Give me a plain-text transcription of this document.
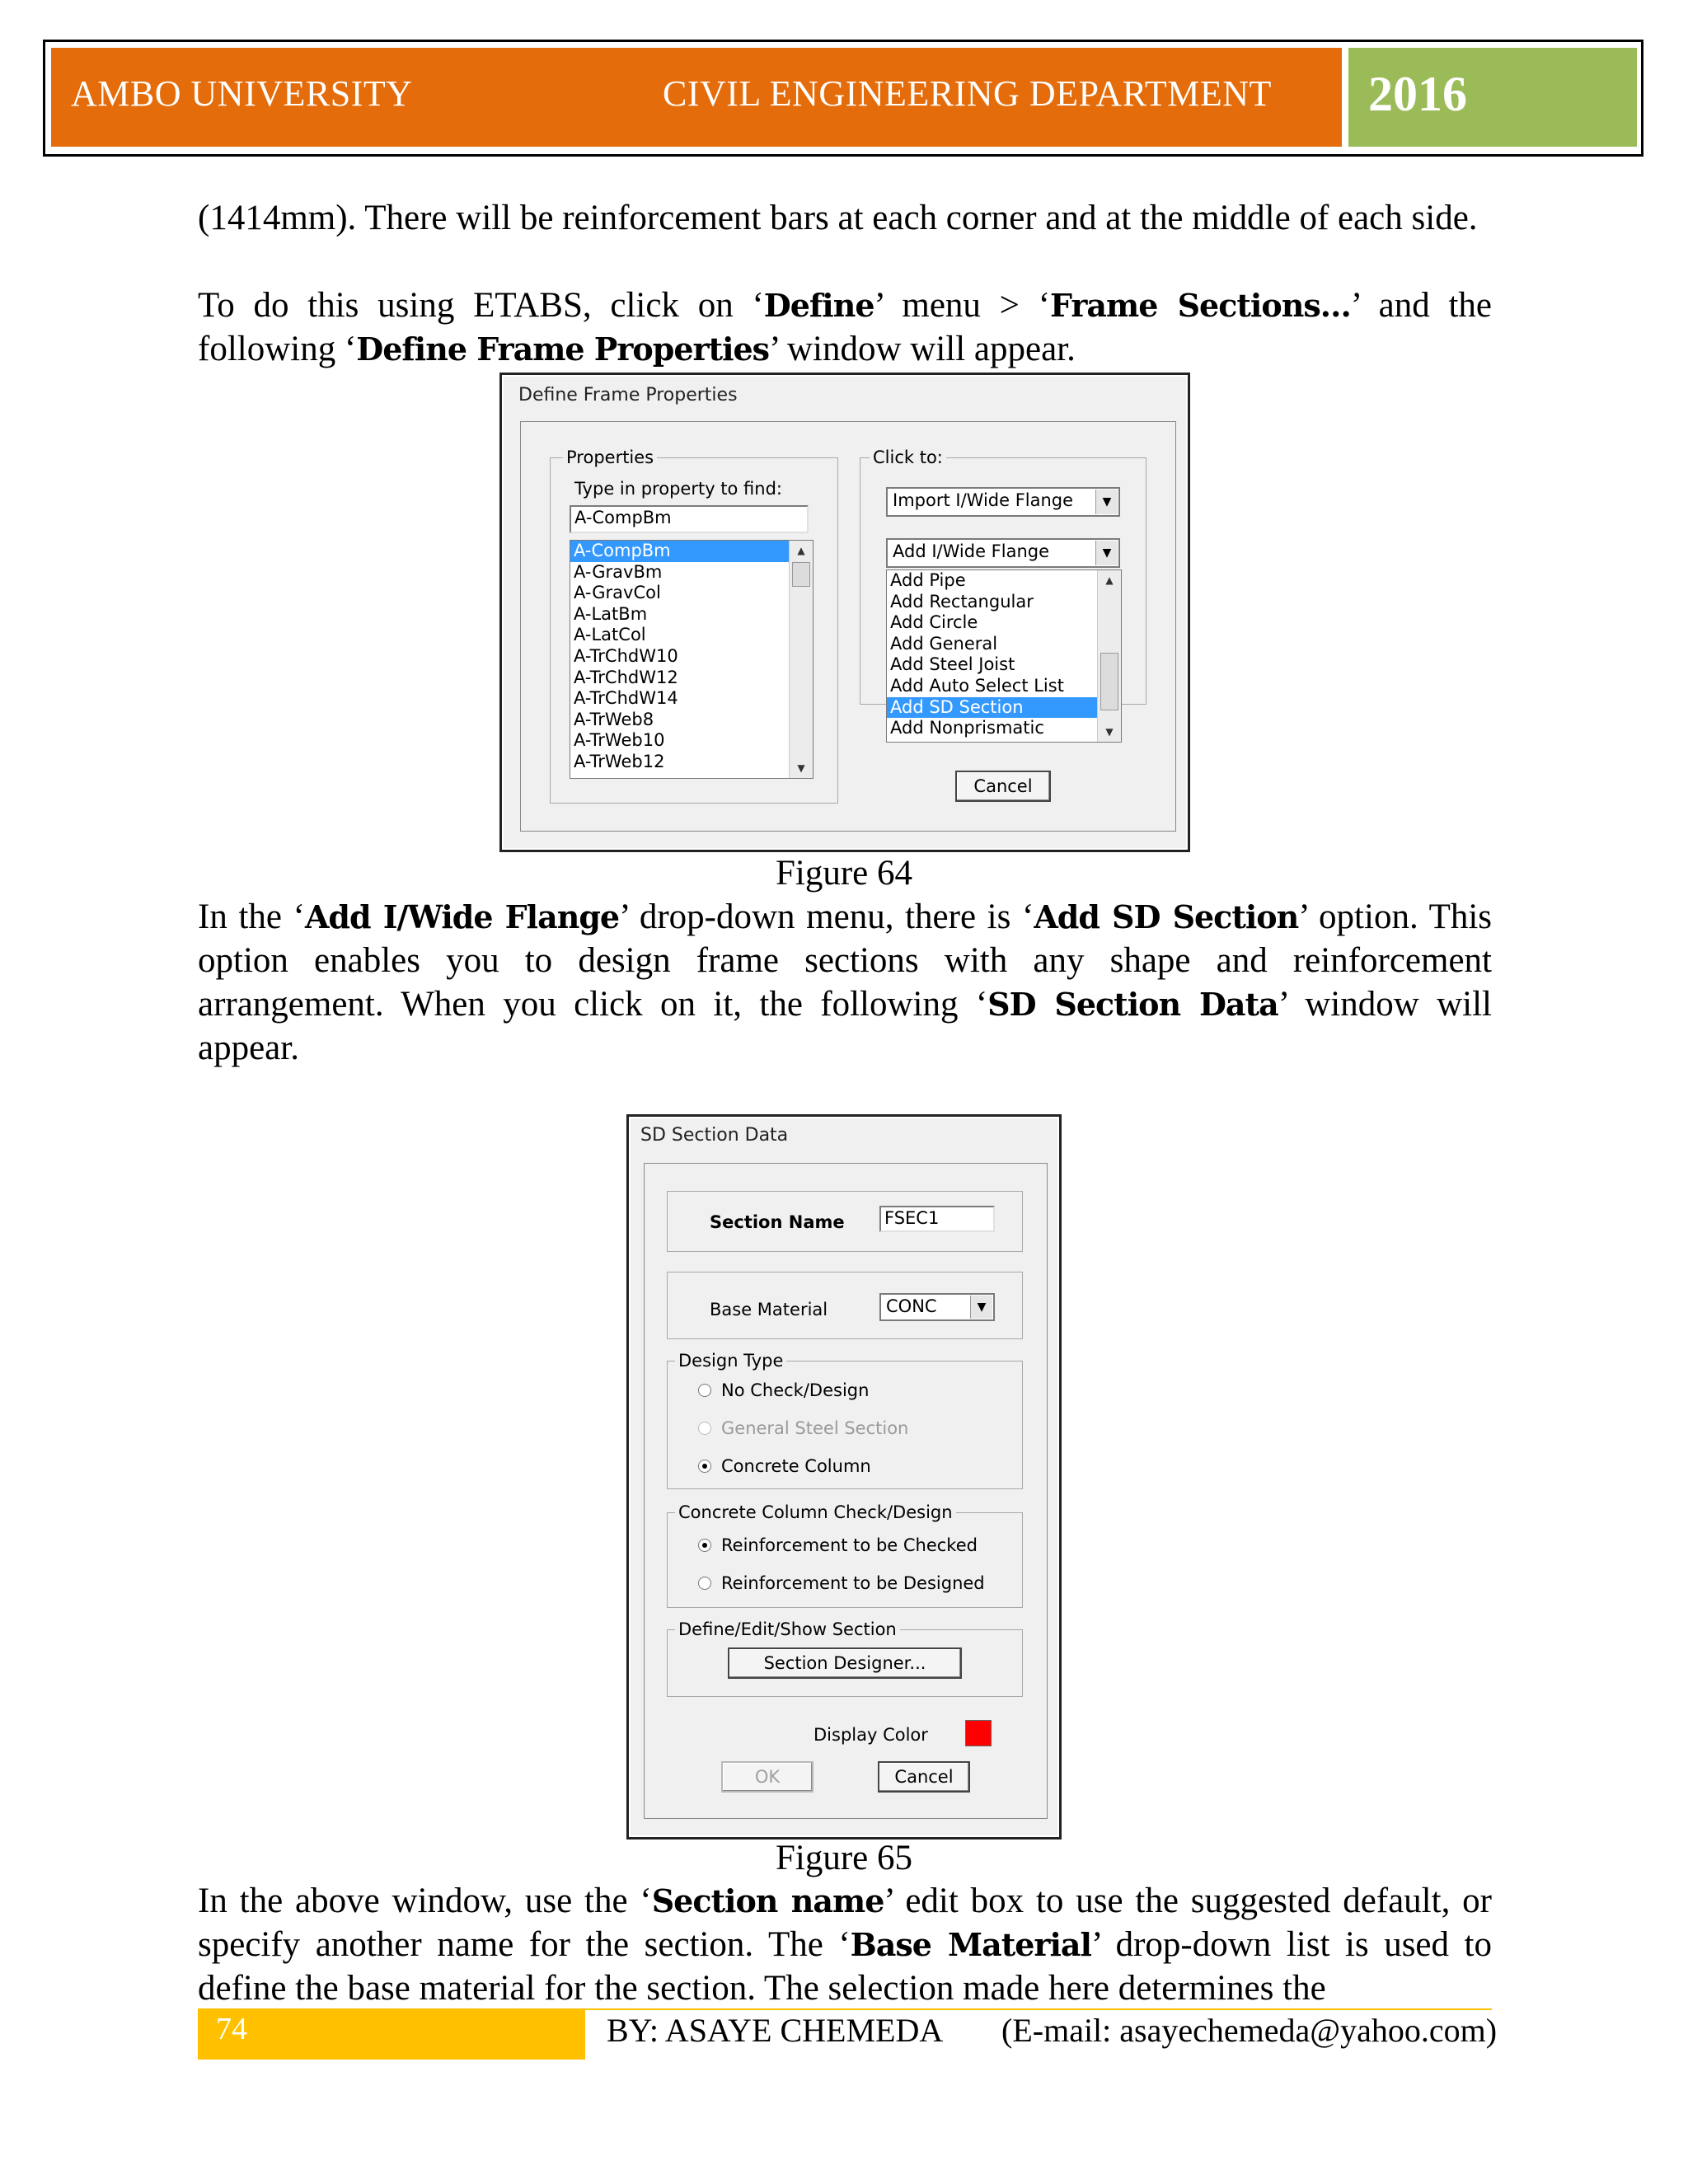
AMBO UNIVERSITY	CIVIL ENGINEERING DEPARTMENT 2016
(1414mm). There will be reinforcement bars at each corner and at the middle of each side.
To do this using ETABS, click on ‘Define’ menu > ‘Frame Sections…’ and the following ‘Define Frame Properties’ window will appear.
Define Frame Properties
Properties
Type in property to find:
A-CompBm
A-CompBm
A-GravBm
A-GravCol
A-LatBm
A-LatCol
A-TrChdW10
A-TrChdW12
A-TrChdW14
A-TrWeb8
A-TrWeb10
A-TrWeb12
▲
▼
Click to:
Import I/Wide Flange	▼
Add I/Wide Flange	▼
Add Pipe
Add Rectangular
Add Circle
Add General
Add Steel Joist
Add Auto Select List
Add SD Section
Add Nonprismatic
▲
▼
Cancel
Figure 64
In the ‘Add I/Wide Flange’ drop-down menu, there is ‘Add SD Section’ option. This option enables you to design frame sections with any shape and reinforcement arrangement. When you click on it, the following ‘SD Section Data’ window will appear.
SD Section Data
Section Name FSEC1
Base Material	CONC	▼
Design Type
No Check/Design
General Steel Section
Concrete Column
Concrete Column Check/Design
Reinforcement to be Checked
Reinforcement to be Designed
Define/Edit/Show Section
Section Designer...
Display Color
OK	Cancel
Figure 65
In the above window, use the ‘Section name’ edit box to use the suggested default, or specify another name for the section. The ‘Base Material’ drop-down list is used to define the base material for the section. The selection made here determines the
74	BY: ASAYE CHEMEDA (E-mail: asayechemeda@yahoo.com)
